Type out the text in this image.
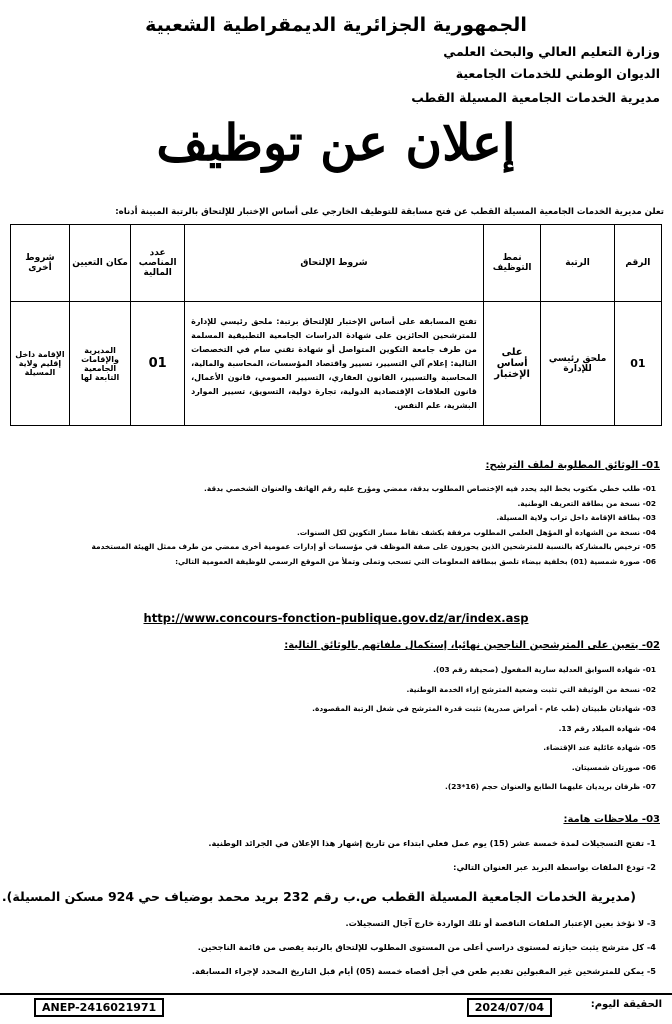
الجمهورية الجزائرية الديمقراطية الشعبية
وزارة التعليم العالي والبحث العلمي
الديوان الوطني للخدمات الجامعية
مديرية الخدمات الجامعية المسيلة القطب
إعلان عن توظيف
تعلن مديرية الخدمات الجامعية المسيلة القطب عن فتح مسابقة للتوظيف الخارجي على أساس الإختبار للإلتحاق بالرتبة المبينة أدناه:
الرقم	الرتبة	نمط التوظيف	شروط الإلتحاق	عدد المناصب المالية	مكان التعيين	شروط أخرى
01	ملحق رئيسي للإدارة	على أساس الإختبار	تفتح المسابقة على أساس الإختبار للإلتحاق برتبة: ملحق رئيسي للإدارة للمترشحين الحائزين على شهادة الدراسات الجامعية التطبيقية المسلمة من طرف جامعة التكوين المتواصل أو شهادة تقني سام في التخصصات التالية: إعلام آلي التسيير، تسيير واقتصاد المؤسسات، المحاسبة والمالية، المحاسبة والتسيير، القانون العقاري، التسيير العمومي، قانون الأعمال، قانون العلاقات الإقتصادية الدولية، تجارة دولية، التسويق، تسيير الموارد البشرية، علم النفس.	01	المديرية والإقامات الجامعية التابعة لها	الإقامة داخل إقليم ولاية المسيلة
01- الوثائق المطلوبة لملف الترشح:
01- طلب خطي مكتوب بخط اليد يحدد فيه الإختصاص المطلوب بدقة، ممضي ومؤرخ عليه رقم الهاتف والعنوان الشخصي بدقة.
02- نسخة من بطاقة التعريف الوطنية.
03- بطاقة الإقامة داخل تراب ولاية المسيلة.
04- نسخة من الشهادة أو المؤهل العلمي المطلوب مرفقة بكشف نقاط مسار التكوين لكل السنوات.
05- ترخيص بالمشاركة بالنسبة للمترشحين الذين يحوزون على صفة الموظف في مؤسسات أو إدارات عمومية أخرى ممضي من طرف ممثل الهيئة المستخدمة
06- صورة شمسية (01) بخلفية بيضاء تلصق ببطاقة المعلومات التي تسحب وتملى وتملأ من الموقع الرسمي للوظيفة العمومية التالي:
http://www.concours-fonction-publique.gov.dz/ar/index.asp
02- يتعين على المترشحين الناجحين نهائيا، إستكمال ملفاتهم بالوثائق التالية:
01- شهادة السوابق العدلية سارية المفعول (صحيفة رقم 03).
02- نسخة من الوثيقة التي تثبت وضعية المترشح إزاء الخدمة الوطنية.
03- شهادتان طبيتان (طب عام - أمراض صدرية) تثبت قدرة المترشح في شغل الرتبة المقصودة.
04- شهادة الميلاد رقم 13.
05- شهادة عائلية عند الإقتضاء.
06- صورتان شمسيتان.
07- ظرفان بريديان عليهما الطابع والعنوان حجم (16*23).
03- ملاحظات هامة:
1- تفتح التسجيلات لمدة خمسة عشر (15) يوم عمل فعلي ابتداء من تاريخ إشهار هذا الإعلان في الجرائد الوطنية.
2- تودع الملفات بواسطة البريد عبر العنوان التالي:
3- لا نؤخذ بعين الإعتبار الملفات الناقصة أو تلك الواردة خارج آجال التسجيلات.
4- كل مترشح يثبت حيازته لمستوى دراسي أعلى من المستوى المطلوب للإلتحاق بالرتبة يقصى من قائمة الناجحين.
5- يمكن للمترشحين غير المقبولين تقديم طعن في أجل أقصاه خمسة (05) أيام قبل التاريخ المحدد لإجراء المسابقة.
(مديرية الخدمات الجامعية المسيلة القطب ص.ب رقم 232 بريد محمد بوضياف حي 924 مسكن المسيلة).
الحقيقة اليوم:
2024/07/04
ANEP-2416021971
